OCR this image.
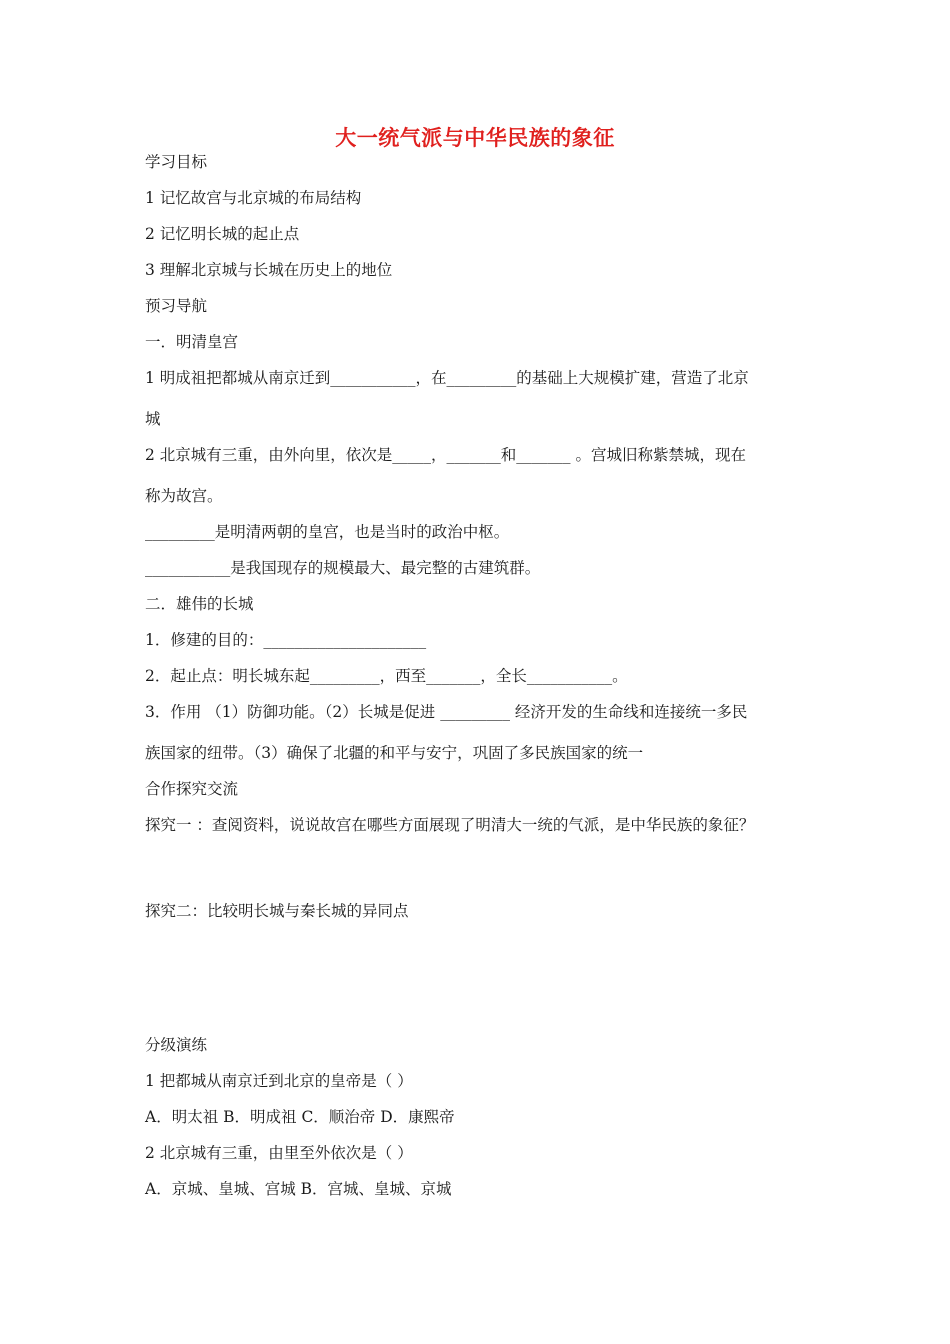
大一统气派与中华民族的象征
学习目标
1 记忆故宫与北京城的布局结构
2 记忆明长城的起止点
3 理解北京城与长城在历史上的地位
预习导航
一．明清皇宫
1 明成祖把都城从南京迁到___________，在_________的基础上大规模扩建，营造了北京
城
2 北京城有三重，由外向里，依次是_____，_______和_______ 。宫城旧称紫禁城，现在
称为故宫。
_________是明清两朝的皇宫，也是当时的政治中枢。
___________是我国现存的规模最大、最完整的古建筑群。
二．雄伟的长城
1．修建的目的：_____________________
2．起止点：明长城东起_________，西至_______，全长___________。
3．作用 （1）防御功能。（2）长城是促进 _________ 经济开发的生命线和连接统一多民
族国家的纽带。（3）确保了北疆的和平与安宁，巩固了多民族国家的统一
合作探究交流
探究一 ：查阅资料，说说故宫在哪些方面展现了明清大一统的气派，是中华民族的象征？
探究二：比较明长城与秦长城的异同点
分级演练
1 把都城从南京迁到北京的皇帝是（ ）
A．明太祖 B．明成祖 C．顺治帝 D．康熙帝
2 北京城有三重，由里至外依次是（ ）
A．京城、皇城、宫城 B．宫城、皇城、京城
